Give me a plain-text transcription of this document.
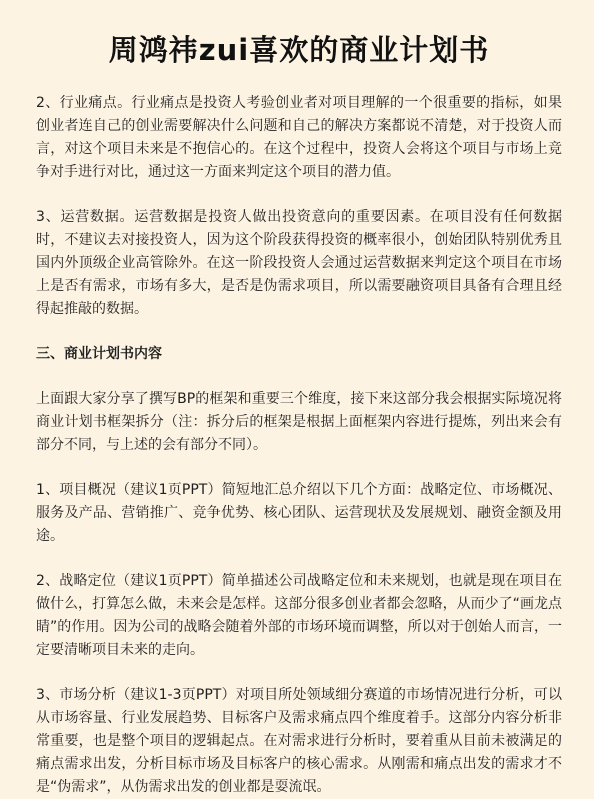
周鸿祎zui喜欢的商业计划书

2、行业痛点。行业痛点是投资人考验创业者对项目理解的一个很重要的指标，如果创业者连自己的创业需要解决什么问题和自己的解决方案都说不清楚，对于投资人而言，对这个项目未来是不抱信心的。在这个过程中，投资人会将这个项目与市场上竞争对手进行对比，通过这一方面来判定这个项目的潜力值。

3、运营数据。运营数据是投资人做出投资意向的重要因素。在项目没有任何数据时，不建议去对接投资人，因为这个阶段获得投资的概率很小，创始团队特别优秀且国内外顶级企业高管除外。在这一阶段投资人会通过运营数据来判定这个项目在市场上是否有需求，市场有多大，是否是伪需求项目，所以需要融资项目具备有合理且经得起推敲的数据。

三、商业计划书内容

上面跟大家分享了撰写BP的框架和重要三个维度，接下来这部分我会根据实际境况将商业计划书框架拆分（注：拆分后的框架是根据上面框架内容进行提炼，列出来会有部分不同，与上述的会有部分不同）。

1、项目概况（建议1页PPT）简短地汇总介绍以下几个方面：战略定位、市场概况、服务及产品、营销推广、竞争优势、核心团队、运营现状及发展规划、融资金额及用途。

2、战略定位（建议1页PPT）简单描述公司战略定位和未来规划，也就是现在项目在做什么，打算怎么做，未来会是怎样。这部分很多创业者都会忽略，从而少了“画龙点睛”的作用。因为公司的战略会随着外部的市场环境而调整，所以对于创始人而言，一定要清晰项目未来的走向。

3、市场分析（建议1-3页PPT）对项目所处领域细分赛道的市场情况进行分析，可以从市场容量、行业发展趋势、目标客户及需求痛点四个维度着手。这部分内容分析非常重要，也是整个项目的逻辑起点。在对需求进行分析时，要着重从目前未被满足的痛点需求出发，分析目标市场及目标客户的核心需求。从刚需和痛点出发的需求才不是“伪需求”，从伪需求出发的创业都是耍流氓。
